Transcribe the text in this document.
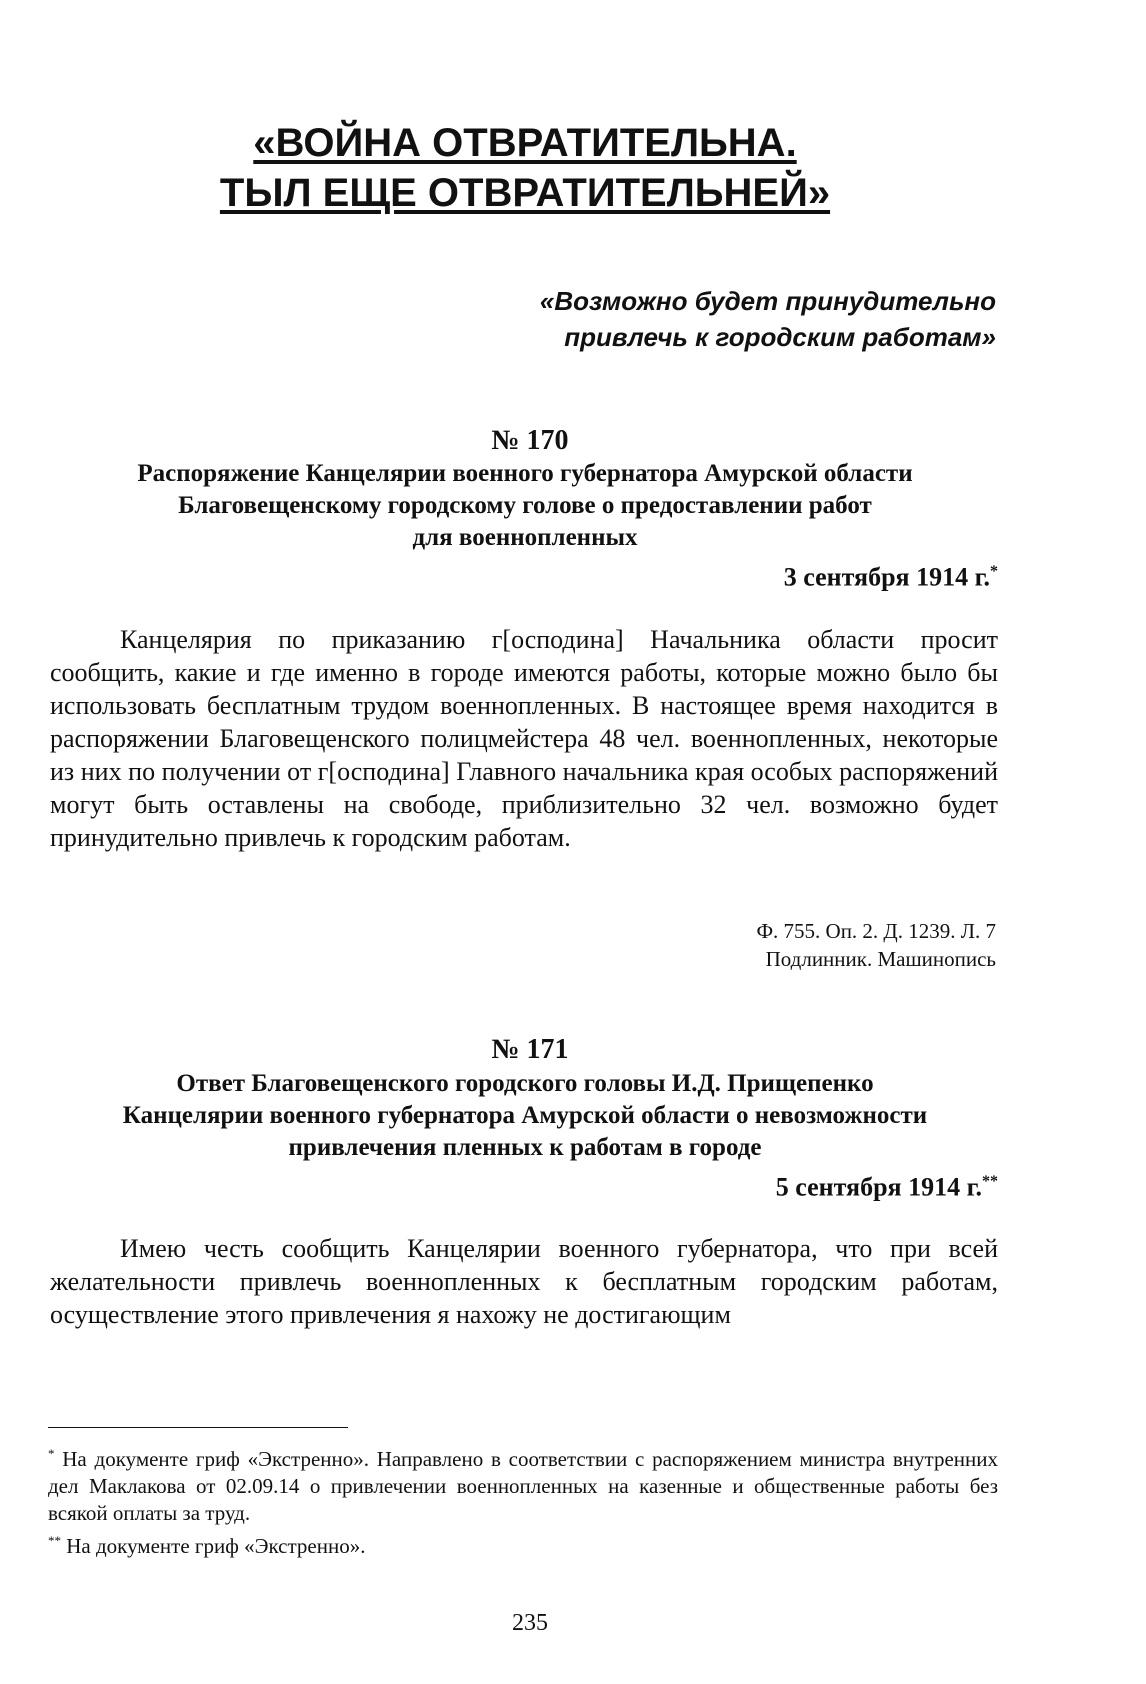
«ВОЙНА ОТВРАТИТЕЛЬНА.
ТЫЛ ЕЩЕ ОТВРАТИТЕЛЬНЕЙ»

«Возможно будет принудительно
привлечь к городским работам»

№ 170
Распоряжение Канцелярии военного губернатора Амурской области
Благовещенскому городскому голове о предоставлении работ
для военнопленных
3 сентября 1914 г.*

Канцелярия по приказанию г[осподина] Начальника области просит сообщить, какие и где именно в городе имеются работы, которые можно было бы использовать бесплатным трудом военнопленных. В настоящее время находится в распоряжении Благовещенского полицмейстера 48 чел. военнопленных, некоторые из них по получении от г[осподина] Главного начальника края особых распоряжений могут быть оставлены на свободе, приблизительно 32 чел. возможно будет принудительно привлечь к городским работам.

Ф. 755. Оп. 2. Д. 1239. Л. 7
Подлинник. Машинопись
№ 171
Ответ Благовещенского городского головы И.Д. Прищепенко
Канцелярии военного губернатора Амурской области о невозможности
привлечения пленных к работам в городе
5 сентября 1914 г.**

Имею честь сообщить Канцелярии военного губернатора, что при всей желательности привлечь военнопленных к бесплатным городским работам, осуществление этого привлечения я нахожу не достигающим

* На документе гриф «Экстренно». Направлено в соответствии с распоряжением министра внутренних дел Маклакова от 02.09.14 о привлечении военнопленных на казенные и общественные работы без всякой оплаты за труд.

** На документе гриф «Экстренно».

235
